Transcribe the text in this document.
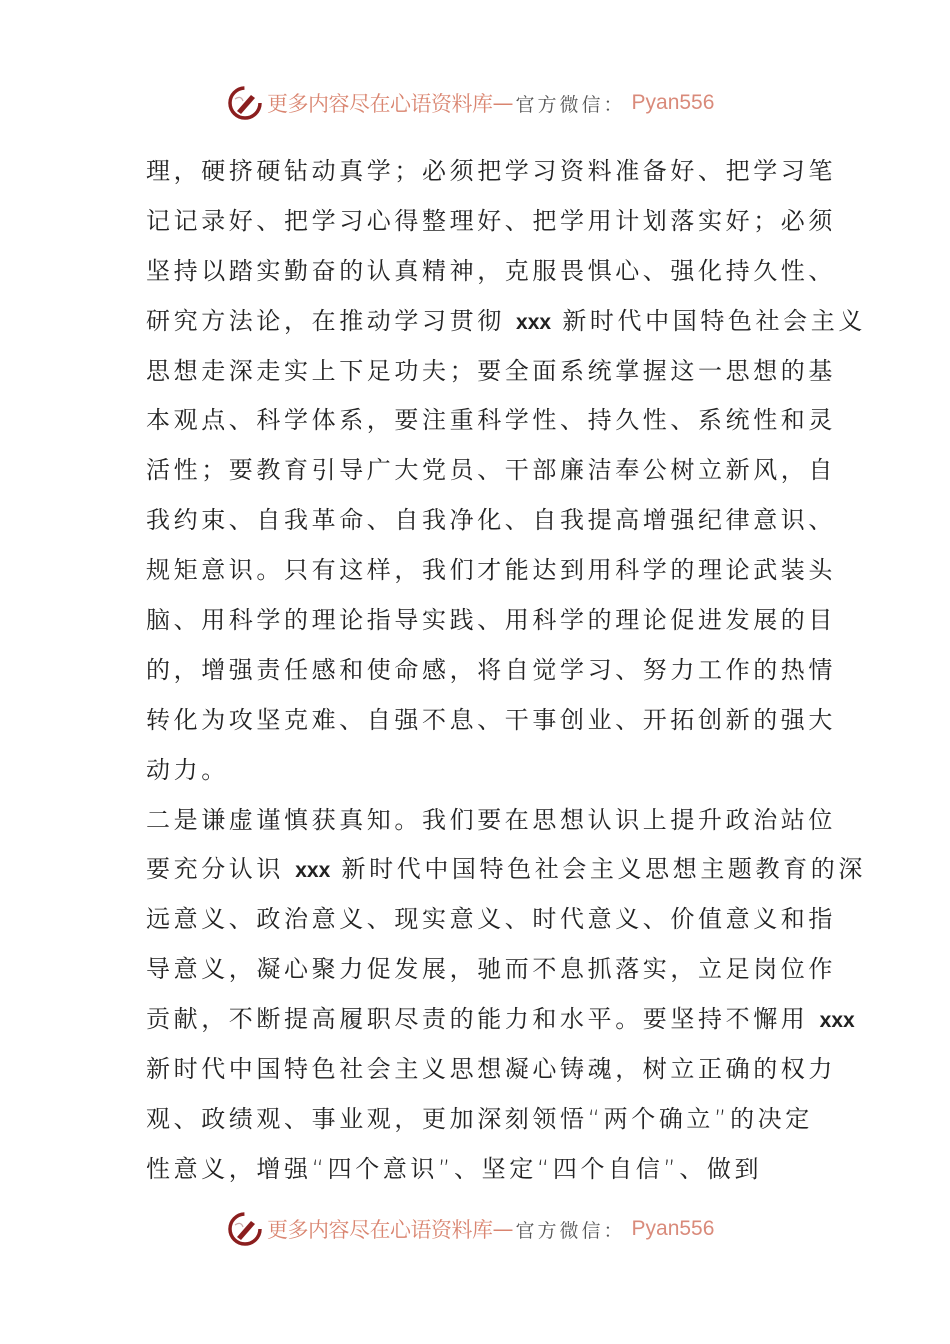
更多内容尽在心语资料库 — 官方微信： Pyan556
理，硬挤硬钻动真学；必须把学习资料准备好、把学习笔
记记录好、把学习心得整理好、把学用计划落实好；必须
坚持以踏实勤奋的认真精神，克服畏惧心、强化持久性、
研究方法论，在推动学习贯彻 xxx 新时代中国特色社会主义
思想走深走实上下足功夫；要全面系统掌握这一思想的基
本观点、科学体系，要注重科学性、持久性、系统性和灵
活性；要教育引导广大党员、干部廉洁奉公树立新风，自
我约束、自我革命、自我净化、自我提高增强纪律意识、
规矩意识。只有这样，我们才能达到用科学的理论武装头
脑、用科学的理论指导实践、用科学的理论促进发展的目
的，增强责任感和使命感，将自觉学习、努力工作的热情
转化为攻坚克难、自强不息、干事创业、开拓创新的强大
动力。
二是谦虚谨慎获真知。我们要在思想认识上提升政治站位
要充分认识 xxx 新时代中国特色社会主义思想主题教育的深
远意义、政治意义、现实意义、时代意义、价值意义和指
导意义，凝心聚力促发展，驰而不息抓落实，立足岗位作
贡献，不断提高履职尽责的能力和水平。要坚持不懈用 xxx
新时代中国特色社会主义思想凝心铸魂，树立正确的权力
观、政绩观、事业观，更加深刻领悟“两个确立”的决定
性意义，增强“四个意识”、坚定“四个自信”、做到
更多内容尽在心语资料库 — 官方微信： Pyan556
